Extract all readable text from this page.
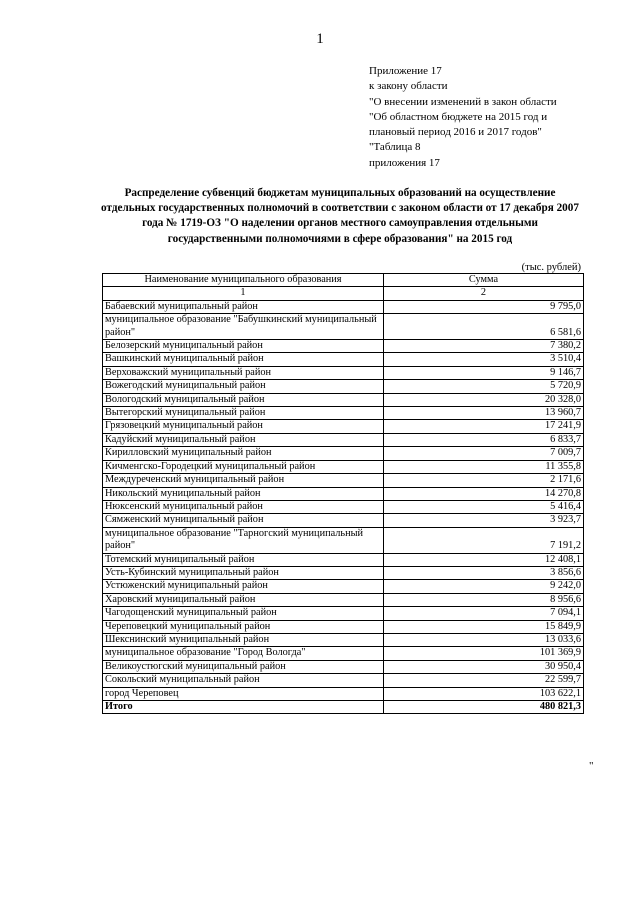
1
Приложение 17
к закону области
"О внесении изменений в закон области
"Об областном бюджете на 2015 год и
плановый период 2016 и 2017 годов"
"Таблица 8
приложения 17
Распределение субвенций бюджетам муниципальных образований на осуществление отдельных государственных полномочий в соответствии с законом области от 17 декабря 2007 года № 1719-ОЗ "О наделении органов местного самоуправления отдельными государственными полномочиями в сфере образования" на 2015 год
(тыс. рублей)
Наименование муниципального образования	Сумма
1	2
Бабаевский муниципальный район	9 795,0
муниципальное образование "Бабушкинский муниципальный район"	6 581,6
Белозерский муниципальный район	7 380,2
Вашкинский муниципальный район	3 510,4
Верховажский муниципальный район	9 146,7
Вожегодский муниципальный район	5 720,9
Вологодский муниципальный район	20 328,0
Вытегорский муниципальный район	13 960,7
Грязовецкий муниципальный район	17 241,9
Кадуйский муниципальный район	6 833,7
Кирилловский муниципальный район	7 009,7
Кичменгско-Городецкий муниципальный район	11 355,8
Междуреченский муниципальный район	2 171,6
Никольский муниципальный район	14 270,8
Нюксенский муниципальный район	5 416,4
Сямженский муниципальный район	3 923,7
муниципальное образование "Тарногский муниципальный район"	7 191,2
Тотемский муниципальный район	12 408,1
Усть-Кубинский муниципальный район	3 856,6
Устюженский муниципальный район	9 242,0
Харовский муниципальный район	8 956,6
Чагодощенский муниципальный район	7 094,1
Череповецкий муниципальный район	15 849,9
Шекснинский муниципальный район	13 033,6
муниципальное образование "Город Вологда"	101 369,9
Великоустюгский муниципальный район	30 950,4
Сокольский муниципальный район	22 599,7
город Череповец	103 622,1
Итого	480 821,3
"
